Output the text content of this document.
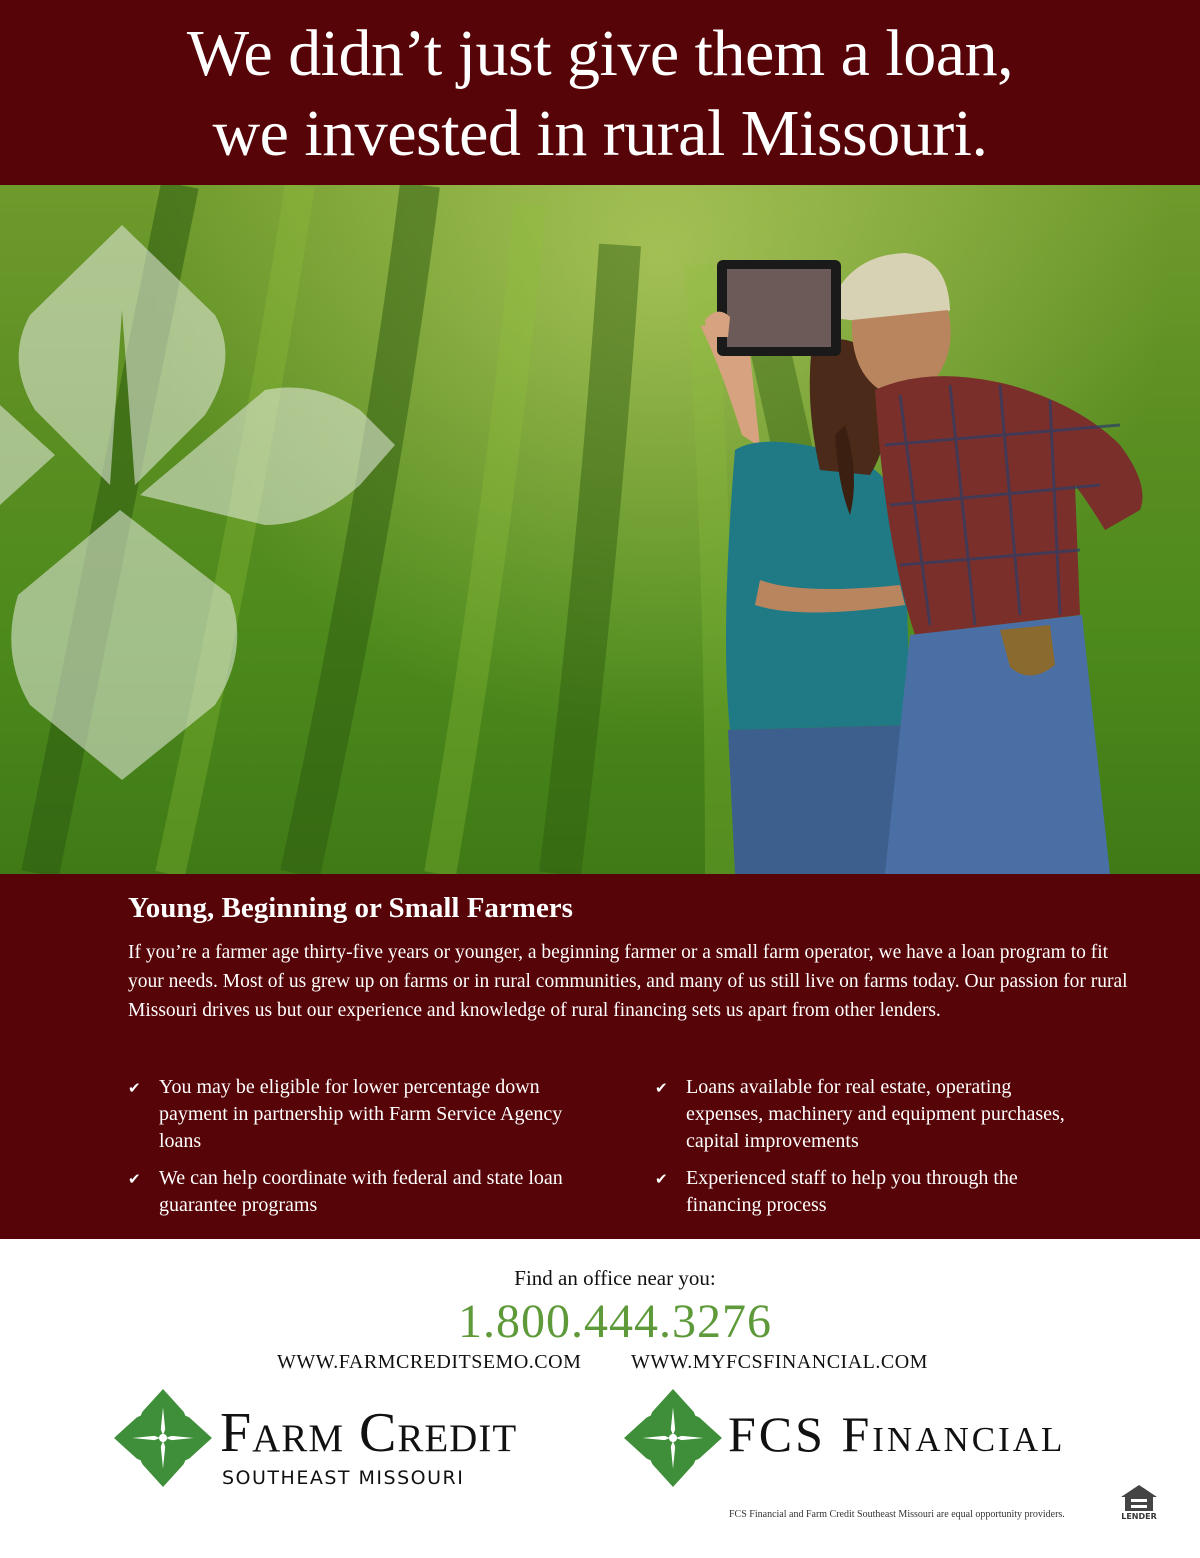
We didn’t just give them a loan,
we invested in rural Missouri.
Young, Beginning or Small Farmers

If you’re a farmer age thirty-five years or younger, a beginning farmer or a small farm operator, we have a loan program to fit your needs. Most of us grew up on farms or in rural communities, and many of us still live on farms today. Our passion for rural Missouri drives us but our experience and knowledge of rural financing sets us apart from other lenders.

✔ You may be eligible for lower percentage down payment in partnership with Farm Service Agency loans
✔ We can help coordinate with federal and state loan guarantee programs
✔ Loans available for real estate, operating expenses, machinery and equipment purchases, capital improvements
✔ Experienced staff to help you through the financing process
Find an office near you:
1.800.444.3276
WWW.FARMCREDITSEMO.COM WWW.MYFCSFINANCIAL.COM
Farm Credit
SOUTHEAST MISSOURI
FCS Financial
FCS Financial and Farm Credit Southeast Missouri are equal opportunity providers.	LENDER
